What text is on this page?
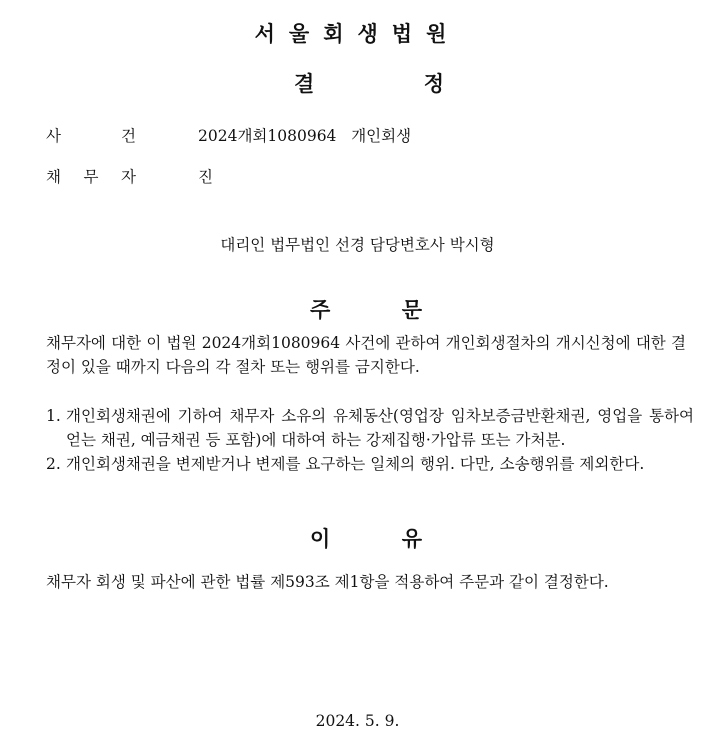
서울회생법원
결	정
사	건	2024개회1080964   개인회생
채 무 자	진
대리인 법무법인 선경 담당변호사 박시형
주	문
채무자에 대한 이 법원 2024개회1080964 사건에 관하여 개인회생절차의 개시신청에 대한 결정이 있을 때까지 다음의 각 절차 또는 행위를 금지한다.
1. 개인회생채권에 기하여 채무자 소유의 유체동산(영업장 임차보증금반환채권, 영업을 통하여 얻는 채권, 예금채권 등 포함)에 대하여 하는 강제집행·가압류 또는 가처분.
2. 개인회생채권을 변제받거나 변제를 요구하는 일체의 행위. 다만, 소송행위를 제외한다.
이	유
채무자 회생 및 파산에 관한 법률 제593조 제1항을 적용하여 주문과 같이 결정한다.
2024. 5. 9.
